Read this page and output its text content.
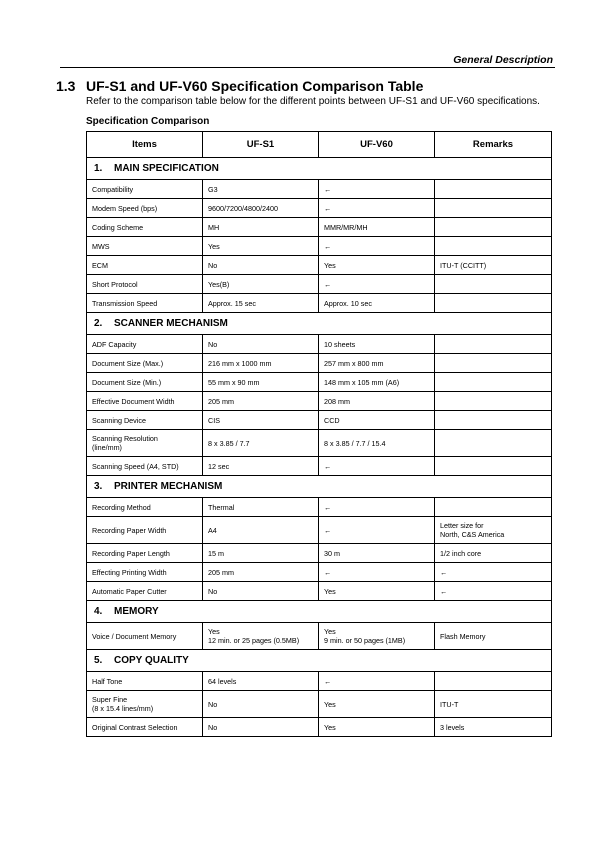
General Description
1.3 UF-S1 and UF-V60 Specification Comparison Table
Refer to the comparison table below for the different points between UF-S1 and UF-V60 specifications.
Specification Comparison
Items	UF-S1	UF-V60	Remarks
1. MAIN SPECIFICATION			
Compatibility	G3	←	
Modem Speed (bps)	9600/7200/4800/2400	←	
Coding Scheme	MH	MMR/MR/MH	
MWS	Yes	←	
ECM	No	Yes	ITU-T (CCITT)
Short Protocol	Yes(B)	←	
Transmission Speed	Approx. 15 sec	Approx. 10 sec	
2. SCANNER MECHANISM			
ADF Capacity	No	10 sheets	
Document Size (Max.)	216 mm x 1000 mm	257 mm x 800 mm	
Document Size (Min.)	55 mm x 90 mm	148 mm x 105 mm (A6)	
Effective Document Width	205 mm	208 mm	
Scanning Device	CIS	CCD	
Scanning Resolution
(line/mm)	8 x 3.85 / 7.7	8 x 3.85 / 7.7 / 15.4	
Scanning Speed (A4, STD)	12 sec	←	
3. PRINTER MECHANISM			
Recording Method	Thermal	←	
Recording Paper Width	A4	←	Letter size for
North, C&S America
Recording Paper Length	15 m	30 m	1/2 inch core
Effecting Printing Width	205 mm	←	←
Automatic Paper Cutter	No	Yes	←
4. MEMORY			
Voice / Document Memory	Yes
12 min. or 25 pages (0.5MB)	Yes
9 min. or 50 pages (1MB)	Flash Memory
5. COPY QUALITY			
Half Tone	64 levels	←	
Super Fine
(8 x 15.4 lines/mm)	No	Yes	ITU-T
Original Contrast Selection	No	Yes	3 levels
